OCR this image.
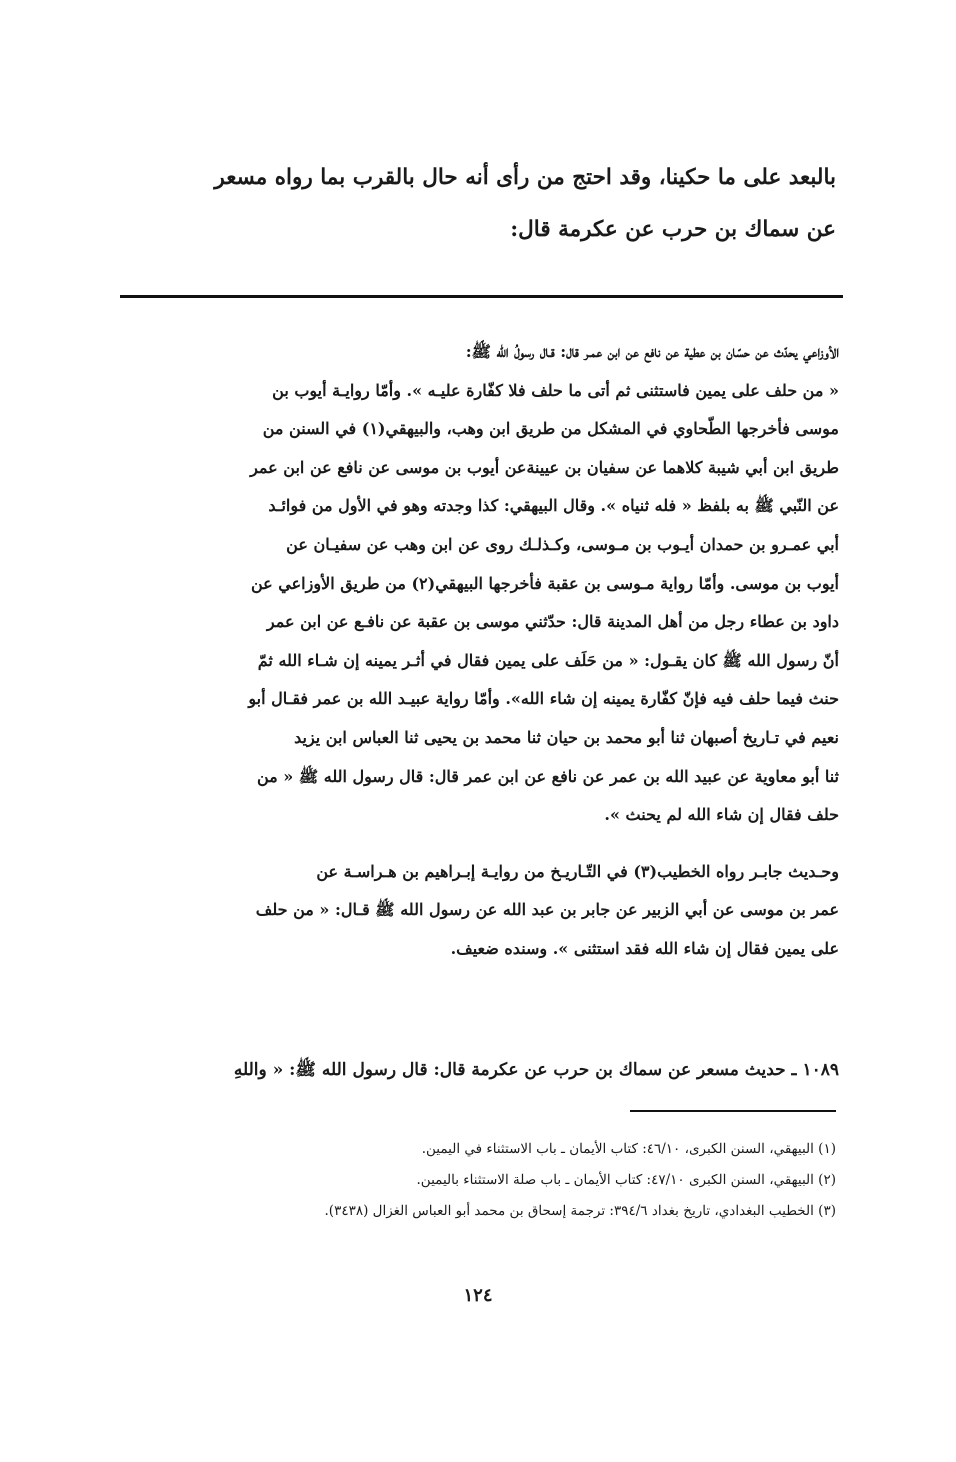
بالبعد على ما حكينا، وقد احتج من رأى أنه حال بالقرب بما رواه مسعر

عن سماك بن حرب عن عكرمة قال:

الأوزاعي يحدّث عن حسّان بن عطية عن نافع عن ابن عمـر قال: قـال رسولُ الله ﷺ:

« من حلف على يمين فاستثنى ثم أتى ما حلف فلا كفّارة عليـه ». وأمّا روايـة أيوب بن

موسى فأخرجها الطّحاوي في المشكل من طريق ابن وهب، والبيهقي(١) في السنن من

طريق ابن أبي شيبة كلاهما عن سفيان بن عيينةعن أيوب بن موسى عن نافع عن ابن عمر

عن النّبي ﷺ به بلفظ « فله ثنياه ». وقال البيهقي: كذا وجدته وهو في الأول من فوائـد

أبي عمـرو بن حمدان أيـوب بن مـوسى، وكـذلـك روى عن ابن وهب عن سفيـان عن

أيوب بن موسى. وأمّا رواية مـوسى بن عقبة فأخرجها البيهقي(٢) من طريق الأوزاعي عن

داود بن عطاء رجل من أهل المدينة قال: حدّثني موسى بن عقبة عن نافـع عن ابن عمر

أنّ رسول الله ﷺ كان يقـول: « من حَلَف على يمين فقال في أثـر يمينه إن شـاء الله ثمّ

حنث فيما حلف فيه فإنّ كفّارة يمينه إن شاء الله». وأمّا رواية عبيـد الله بن عمر فقـال أبو

نعيم في تـاريخ أصبهان ثنا أبو محمد بن حيان ثنا محمد بن يحيى ثنا العباس ابن يزيد

ثنا أبو معاوية عن عبيد الله بن عمر عن نافع عن ابن عمر قال: قال رسول الله ﷺ « من

حلف فقال إن شاء الله لم يحنث ».

وحـديث جابـر رواه الخطيب(٣) في التّـاريـخ من روايـة إبـراهيم بن هـراسـة عن

عمر بن موسى عن أبي الزبير عن جابر بن عبد الله عن رسول الله ﷺ قـال: « من حلف

على يمين فقال إن شاء الله فقد استثنى ». وسنده ضعيف.

١٠٨٩ ـ حديث مسعر عن سماك بن حرب عن عكرمة قال: قال رسول الله ﷺ: « واللهِ

(١) البيهقي، السنن الكبرى، ٤٦/١٠: كتاب الأيمان ـ باب الاستثناء في اليمين.

(٢) البيهقي، السنن الكبرى ٤٧/١٠: كتاب الأيمان ـ باب صلة الاستثناء باليمين.

(٣) الخطيب البغدادي، تاريخ بغداد ٣٩٤/٦: ترجمة إسحاق بن محمد أبو العباس الغزال (٣٤٣٨).

١٢٤
